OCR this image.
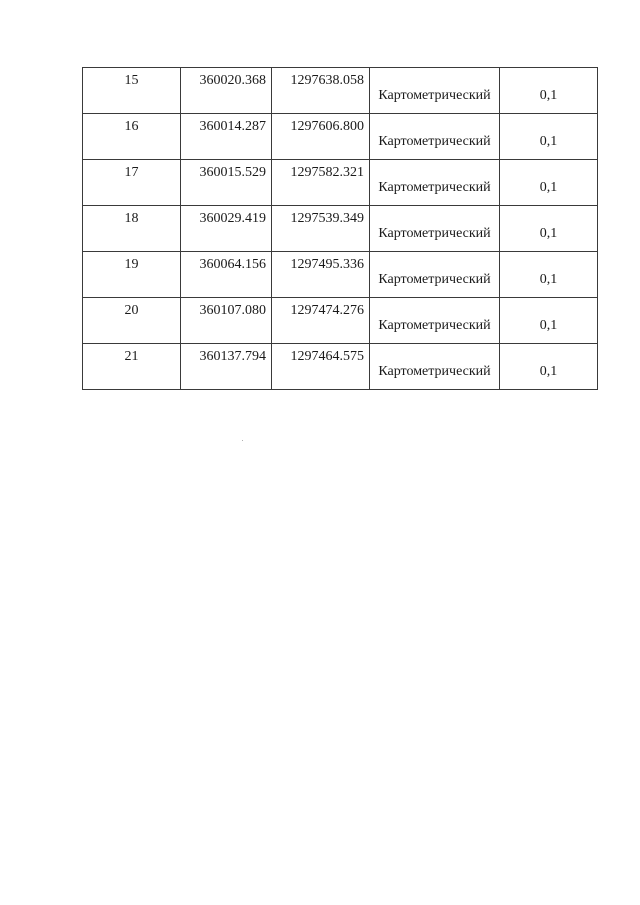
15	360020.368	1297638.058	Картометрический	0,1
16	360014.287	1297606.800	Картометрический	0,1
17	360015.529	1297582.321	Картометрический	0,1
18	360029.419	1297539.349	Картометрический	0,1
19	360064.156	1297495.336	Картометрический	0,1
20	360107.080	1297474.276	Картометрический	0,1
21	360137.794	1297464.575	Картометрический	0,1
